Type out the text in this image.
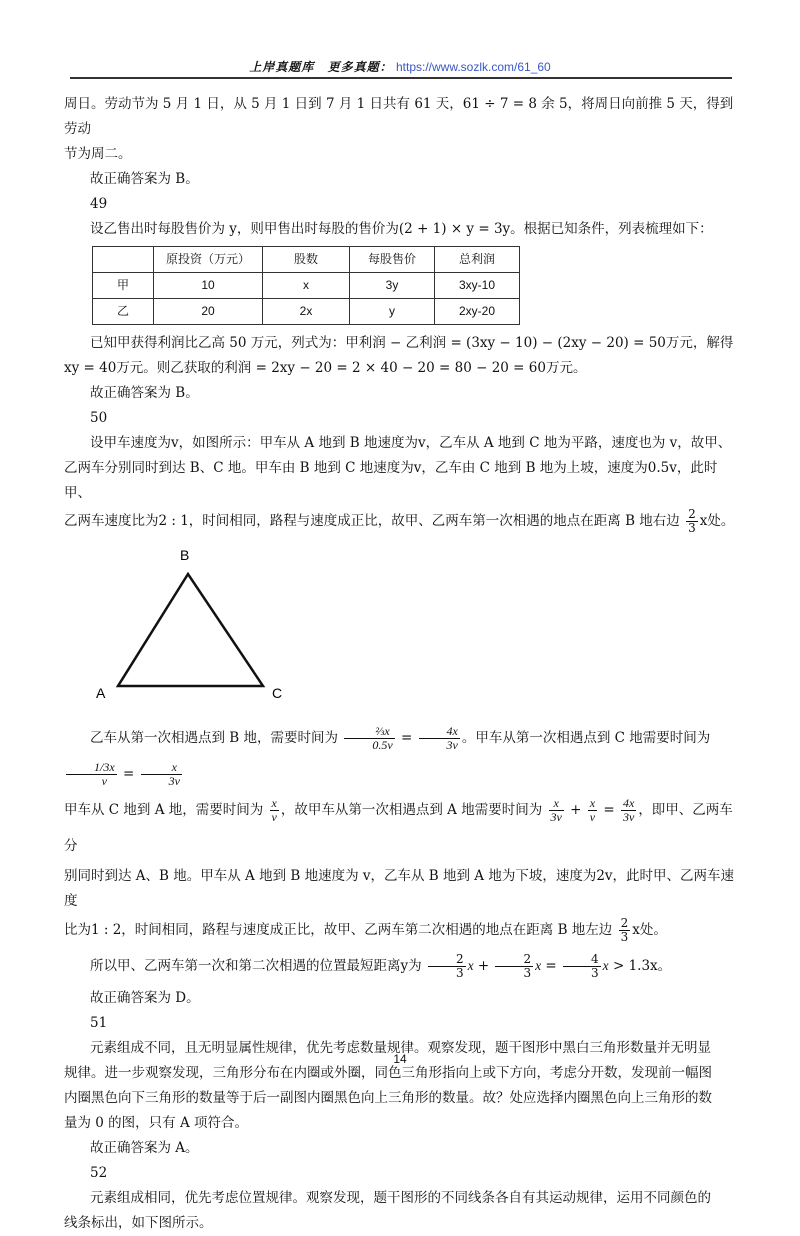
上岸真题库 更多真题： https://www.sozlk.com/61_60

周日。劳动节为 5 月 1 日，从 5 月 1 日到 7 月 1 日共有 61 天，61 ÷ 7 = 8 余 5，将周日向前推 5 天，得到劳动

节为周二。

故正确答案为 B。

49

设乙售出时每股售价为 y，则甲售出时每股的售价为(2 + 1) × y = 3y。根据已知条件，列表梳理如下：

	原投资（万元）	股数	每股售价	总利润
甲	10	x	3y	3xy-10
乙	20	2x	y	2xy-20

已知甲获得利润比乙高 50 万元，列式为：甲利润 − 乙利润 = (3xy − 10) − (2xy − 20) = 50万元，解得

xy = 40万元。则乙获取的利润 = 2xy − 20 = 2 × 40 − 20 = 80 − 20 = 60万元。

故正确答案为 B。

50

设甲车速度为v，如图所示：甲车从 A 地到 B 地速度为v，乙车从 A 地到 C 地为平路，速度也为 v，故甲、

乙两车分别同时到达 B、C 地。甲车由 B 地到 C 地速度为v，乙车由 C 地到 B 地为上坡，速度为0.5v，此时甲、

乙两车速度比为2 : 1，时间相同，路程与速度成正比，故甲、乙两车第一次相遇的地点在距离 B 地右边 $\frac{2}{3}$ x处。

B
A	C

乙车从第一次相遇点到 B 地，需要时间为 $\frac{\text{⅔x}}{0.5v} = \frac{4x}{3v}$ 。甲车从第一次相遇点到 C 地需要时间为
$\frac{1/3x}{v} = \frac{x}{3v}$

甲车从 C 地到 A 地，需要时间为 $\frac{x}{v}$ ，故甲车从第一次相遇点到 A 地需要时间为 $\frac{x}{3v} + \frac{x}{v} = \frac{4x}{3v}$ ，即甲、乙两车分

别同时到达 A、B 地。甲车从 A 地到 B 地速度为 v，乙车从 B 地到 A 地为下坡，速度为2v，此时甲、乙两车速度

比为1 : 2，时间相同，路程与速度成正比，故甲、乙两车第二次相遇的地点在距离 B 地左边 $\frac{2}{3}$ x处。

所以甲、乙两车第一次和第二次相遇的位置最短距离y为 $\frac{2}{3}$ $x + \frac{2}{3}$ $x = \frac{4}{3}$ x > 1.3x。

故正确答案为 D。

51

元素组成不同，且无明显属性规律，优先考虑数量规律。观察发现，题干图形中黑白三角形数量并无明显

规律。进一步观察发现，三角形分布在内圈或外圈，同色三角形指向上或下方向，考虑分开数，发现前一幅图

内圈黑色向下三角形的数量等于后一副图内圈黑色向上三角形的数量。故？处应选择内圈黑色向上三角形的数

量为 0 的图，只有 A 项符合。

故正确答案为 A。

52

元素组成相同，优先考虑位置规律。观察发现，题干图形的不同线条各自有其运动规律，运用不同颜色的

线条标出，如下图所示。

14
